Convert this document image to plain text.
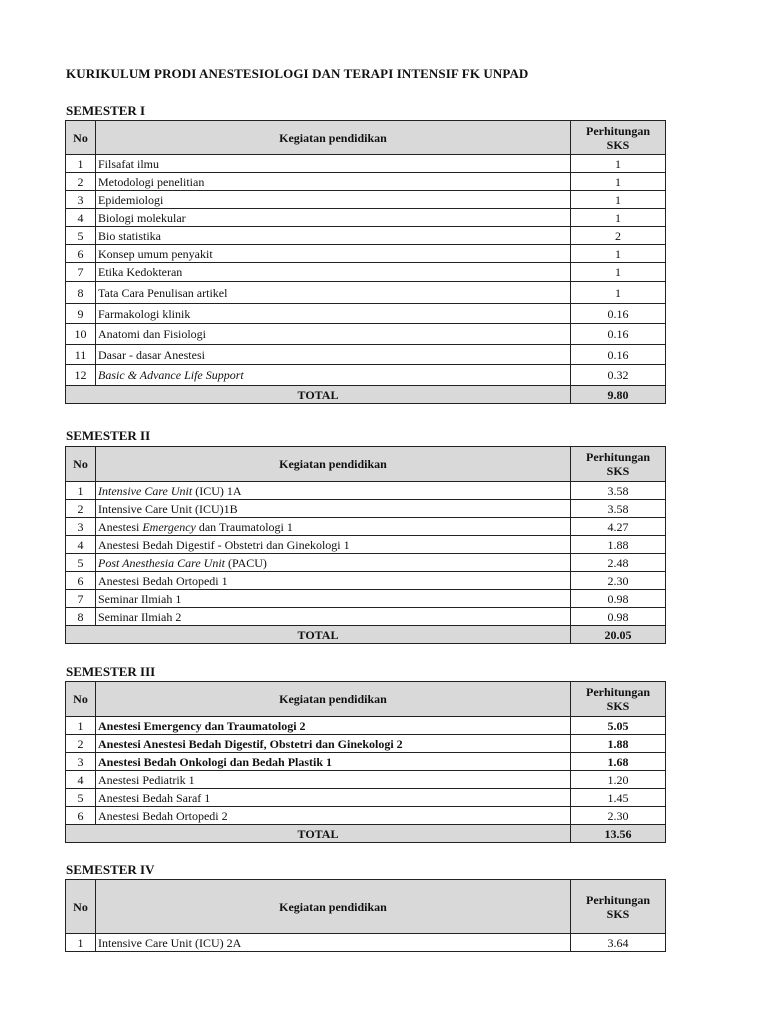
KURIKULUM PRODI ANESTESIOLOGI DAN TERAPI INTENSIF FK UNPAD
SEMESTER I
No	Kegiatan pendidikan	Perhitungan
SKS
1	Filsafat ilmu	1
2	Metodologi penelitian	1
3	Epidemiologi	1
4	Biologi molekular	1
5	Bio statistika	2
6	Konsep umum penyakit	1
7	Etika Kedokteran	1
8	Tata Cara Penulisan artikel	1
9	Farmakologi klinik	0.16
10	Anatomi dan Fisiologi	0.16
11	Dasar - dasar Anestesi	0.16
12	Basic & Advance Life Support	0.32
TOTAL		9.80
SEMESTER II
No	Kegiatan pendidikan	Perhitungan
SKS
1	Intensive Care Unit (ICU) 1A	3.58
2	Intensive Care Unit (ICU)1B	3.58
3	Anestesi Emergency dan Traumatologi 1	4.27
4	Anestesi Bedah Digestif - Obstetri dan Ginekologi 1	1.88
5	Post Anesthesia Care Unit (PACU)	2.48
6	Anestesi Bedah Ortopedi 1	2.30
7	Seminar Ilmiah 1	0.98
8	Seminar Ilmiah 2	0.98
TOTAL		20.05
SEMESTER III
No	Kegiatan pendidikan	Perhitungan
SKS
1	Anestesi Emergency dan Traumatologi 2	5.05
2	Anestesi Anestesi Bedah Digestif, Obstetri dan Ginekologi 2	1.88
3	Anestesi Bedah Onkologi dan Bedah Plastik 1	1.68
4	Anestesi Pediatrik 1	1.20
5	Anestesi Bedah Saraf 1	1.45
6	Anestesi Bedah Ortopedi 2	2.30
TOTAL		13.56
SEMESTER IV
No	Kegiatan pendidikan	Perhitungan
SKS
1	Intensive Care Unit (ICU) 2A	3.64
